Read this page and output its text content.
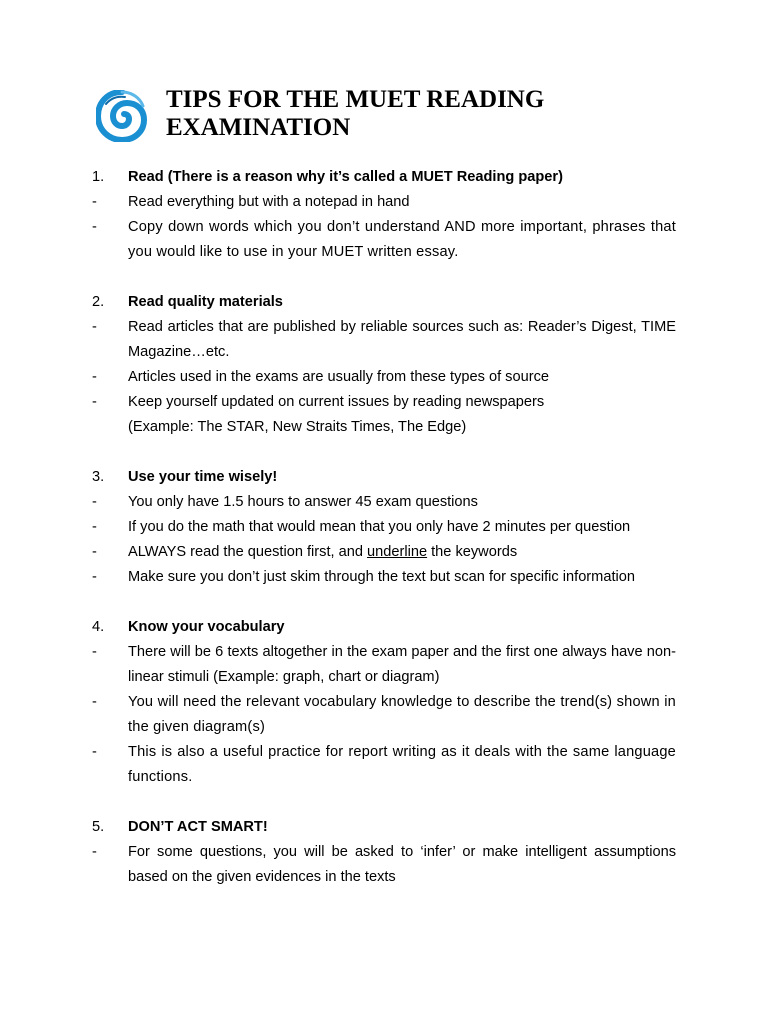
TIPS FOR THE MUET READING
EXAMINATION
1.	Read (There is a reason why it’s called a MUET Reading paper)
-	Read everything but with a notepad in hand
-	Copy down words which you don’t understand AND more important, phrases that you would like to use in your MUET written essay.
2.	Read quality materials
-	Read articles that are published by reliable sources such as: Reader’s Digest, TIME Magazine…etc.
-	Articles used in the exams are usually from these types of source
-	Keep yourself updated on current issues by reading newspapers
(Example: The STAR, New Straits Times, The Edge)
3.	Use your time wisely!
-	You only have 1.5 hours to answer 45 exam questions
-	If you do the math that would mean that you only have 2 minutes per question
-	ALWAYS read the question first, and underline the keywords
-	Make sure you don’t just skim through the text but scan for specific information
4.	Know your vocabulary
-	There will be 6 texts altogether in the exam paper and the first one always have non-linear stimuli (Example: graph, chart or diagram)
-	You will need the relevant vocabulary knowledge to describe the trend(s) shown in the given diagram(s)
-	This is also a useful practice for report writing as it deals with the same language functions.
5.	DON’T ACT SMART!
-	For some questions, you will be asked to ‘infer’ or make intelligent assumptions based on the given evidences in the texts
